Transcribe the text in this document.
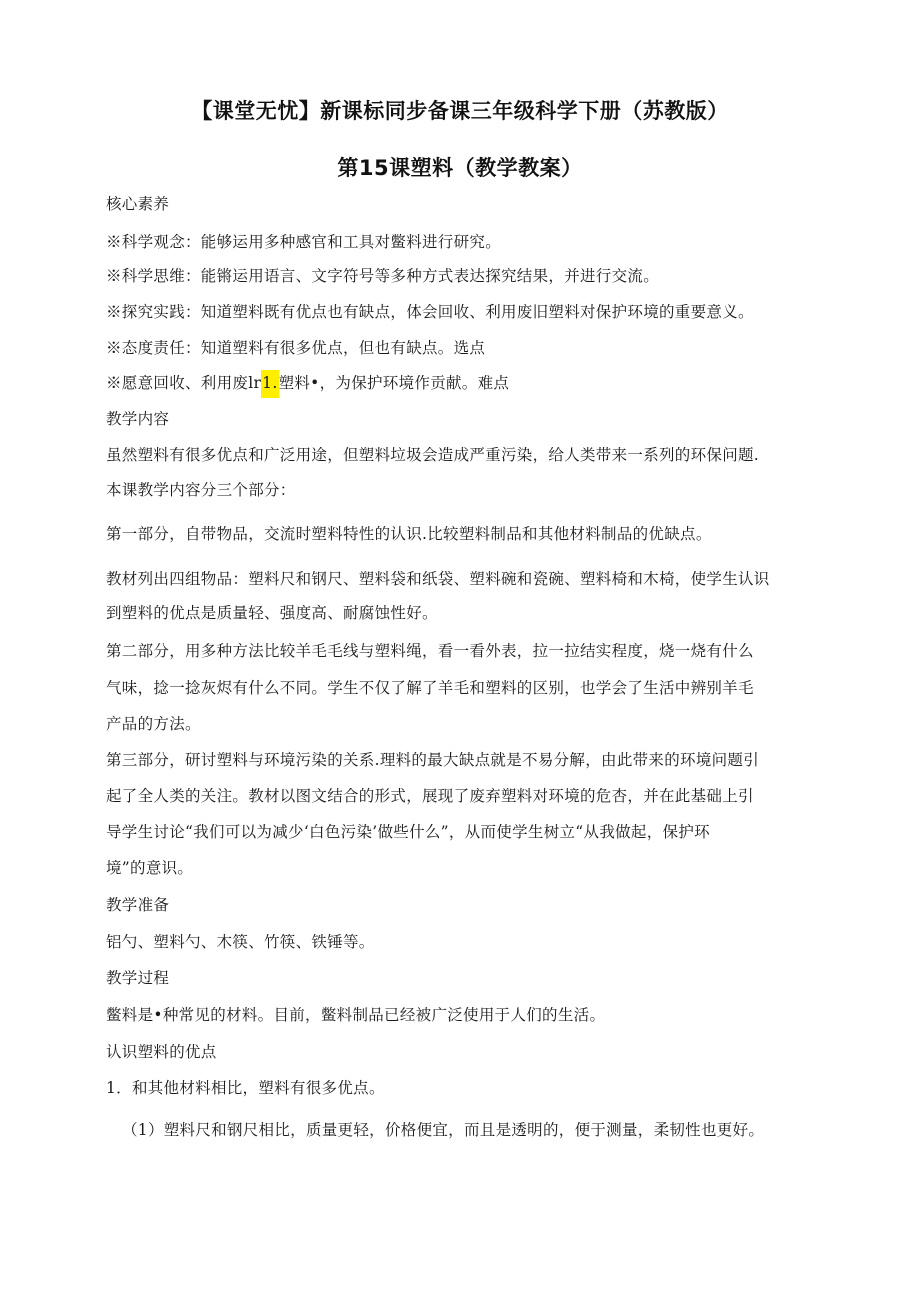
【课堂无忧】新课标同步备课三年级科学下册（苏教版）
第15课塑料（教学教案）
核心素养
※科学观念：能够运用多种感官和工具对鳖料进行研究。
※科学思维：能锵运用语言、文字符号等多种方式表达探究结果，并进行交流。
※探究实践：知道塑料既有优点也有缺点，体会回收、利用废旧塑料对保护环境的重要意义。
※态度责任：知道塑料有很多优点，但也有缺点。选点
※愿意回收、利用废lr1.塑料•，为保护环境作贡献。难点
教学内容
虽然塑料有很多优点和广泛用途，但塑料垃圾会造成严重污染，给人类带来一系列的环保问题.
本课教学内容分三个部分：
第一部分，自带物品，交流时塑料特性的认识.比较塑料制品和其他材料制品的优缺点。
教材列出四组物品：塑料尺和钢尺、塑料袋和纸袋、塑料碗和瓷碗、塑料椅和木椅，使学生认识
到塑料的优点是质量轻、强度高、耐腐蚀性好。
第二部分，用多种方法比较羊毛毛线与塑料绳，看一看外表，拉一拉结实程度，烧一烧有什么
气味，捻一捻灰烬有什么不同。学生不仅了解了羊毛和塑料的区别，也学会了生活中辨别羊毛
产品的方法。
第三部分，研讨塑料与环境污染的关系.理料的最大缺点就是不易分解，由此带来的环境问题引
起了全人类的关注。教材以图文结合的形式，展现了废弃塑料对环境的危杏，并在此基础上引
导学生讨论“我们可以为减少‘白色污染’做些什么”，从而使学生树立“从我做起，保护环
境”的意识。
教学准备
铝勺、塑料勺、木筷、竹筷、铁锤等。
教学过程
鳖料是•种常见的材料。目前，鳖料制品已经被广泛使用于人们的生活。
认识塑料的优点
1．和其他材料相比，塑料有很多优点。
（1）塑料尺和钢尺相比，质量更轻，价格便宜，而且是透明的，便于测量，柔韧性也更好。
